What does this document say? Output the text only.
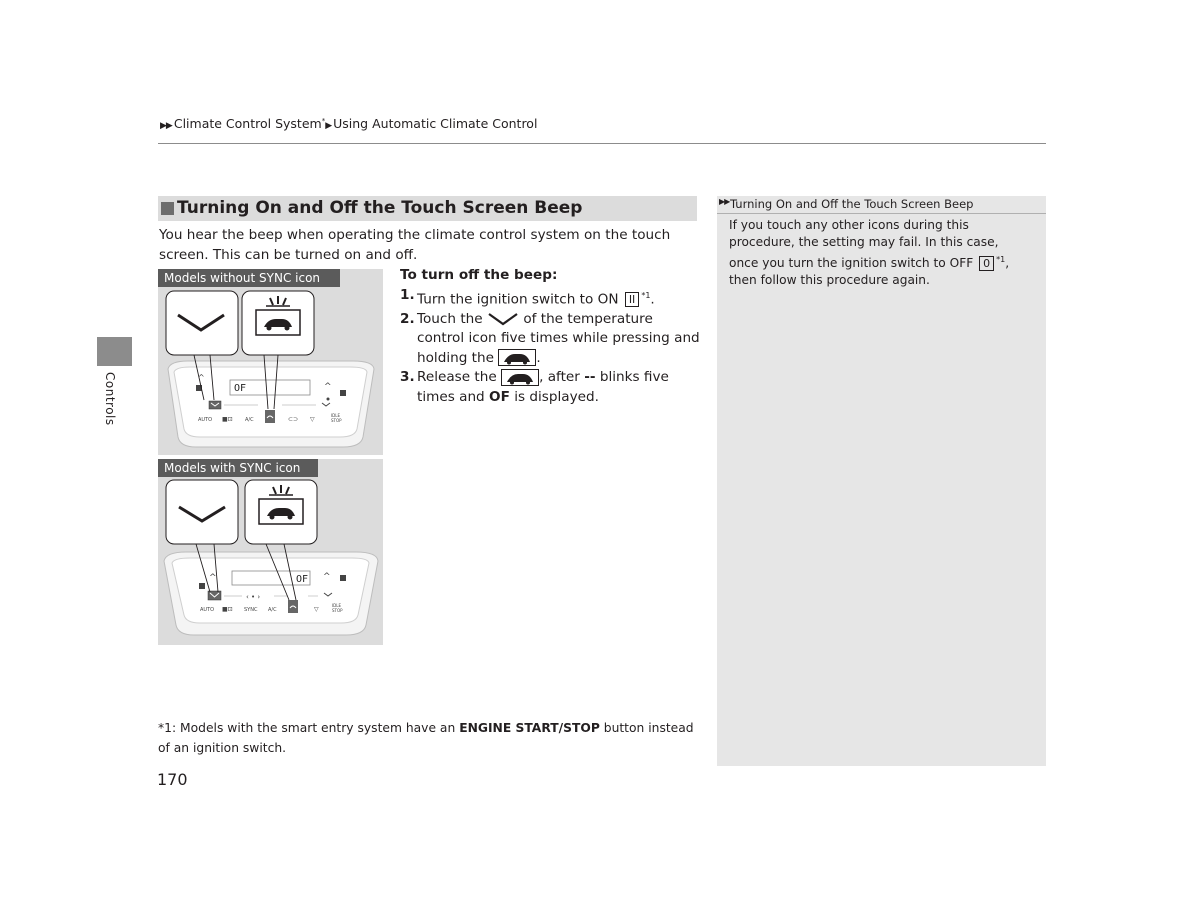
▶▶ Climate Control System*▶ Using Automatic Climate Control
Controls
Turning On and Off the Touch Screen Beep
You hear the beep when operating the climate control system on the touch screen. This can be turned on and off.
OF
^
^
AUTO ■⊡ A/C	⊂⊃ ▽
IDLE
STOP
Models without SYNC icon
OF
^	^
‹ • ›
AUTO ■⊡ SYNC A/C	▽
IDLE
STOP
Models with SYNC icon
To turn off the beep:
1. Turn the ignition switch to ON II $^{*1}$.
2. Touch the	of the temperature control icon five times while pressing and holding the	.
3. Release the	, after -- blinks five times and OF is displayed.
*1: Models with the smart entry system have an ENGINE START/STOP button instead of an ignition switch.
▶▶ Turning On and Off the Touch Screen Beep
If you touch any other icons during this procedure, the setting may fail. In this case, once you turn the ignition switch to OFF 0 $^{*1}$, then follow this procedure again.
170
